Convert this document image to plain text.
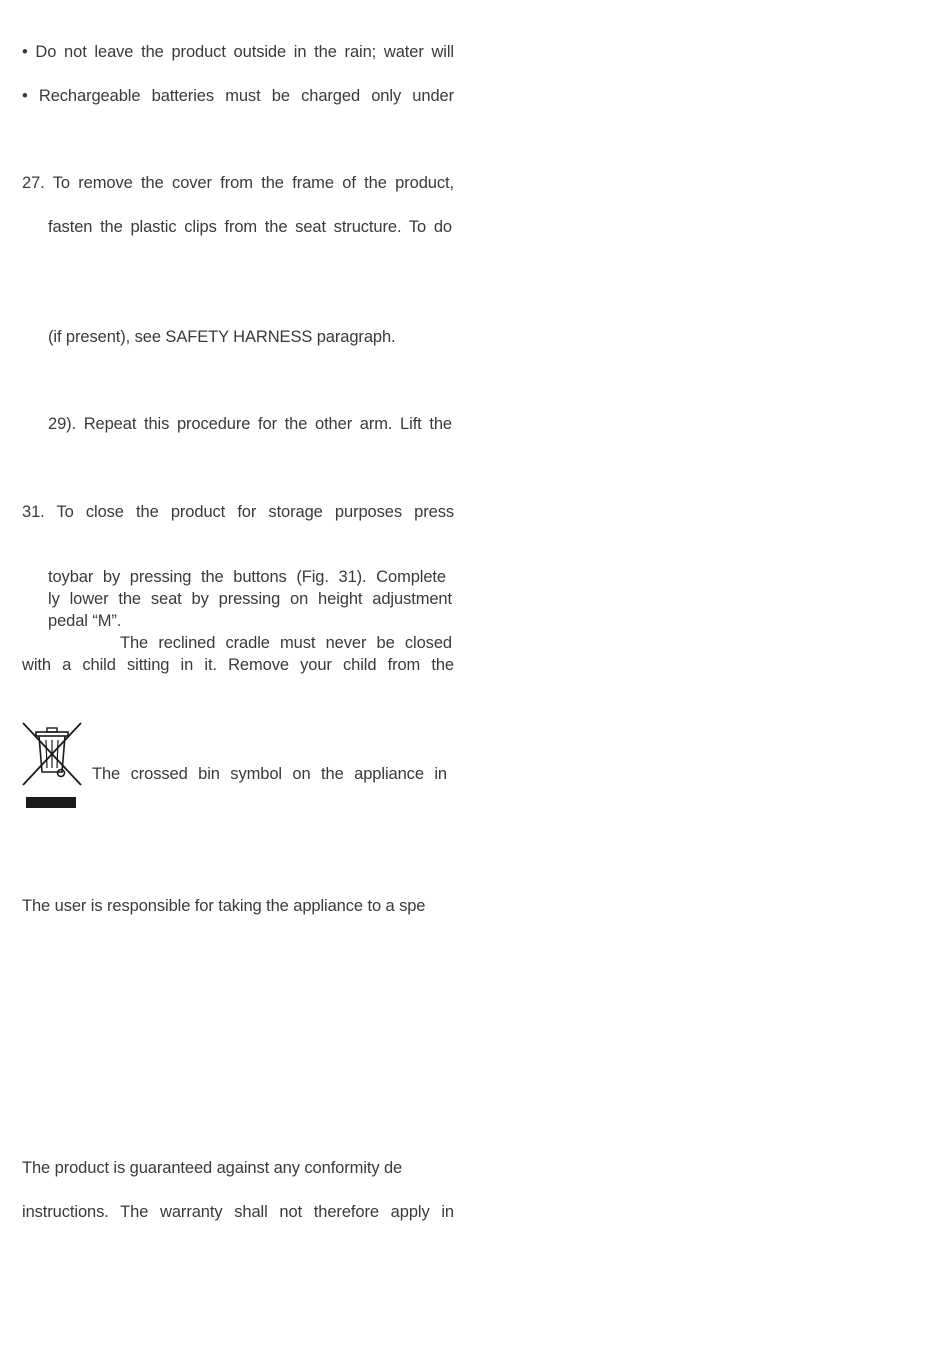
• Do not leave the product outside in the rain; water will
• Rechargeable batteries must be charged only under
27. To remove the cover from the frame of the product,
fasten the plastic clips from the seat structure. To do
(if present), see SAFETY HARNESS paragraph.
29). Repeat this procedure for the other arm. Lift the
31. To close the product for storage purposes press
toybar by pressing the buttons (Fig. 31). Complete
ly lower the seat by pressing on height adjustment
pedal “M”.
The reclined cradle must never be closed
with a child sitting in it. Remove your child from the
The crossed bin symbol on the appliance in
The user is responsible for taking the appliance to a spe
The product is guaranteed against any conformity de
instructions. The warranty shall not therefore apply in
